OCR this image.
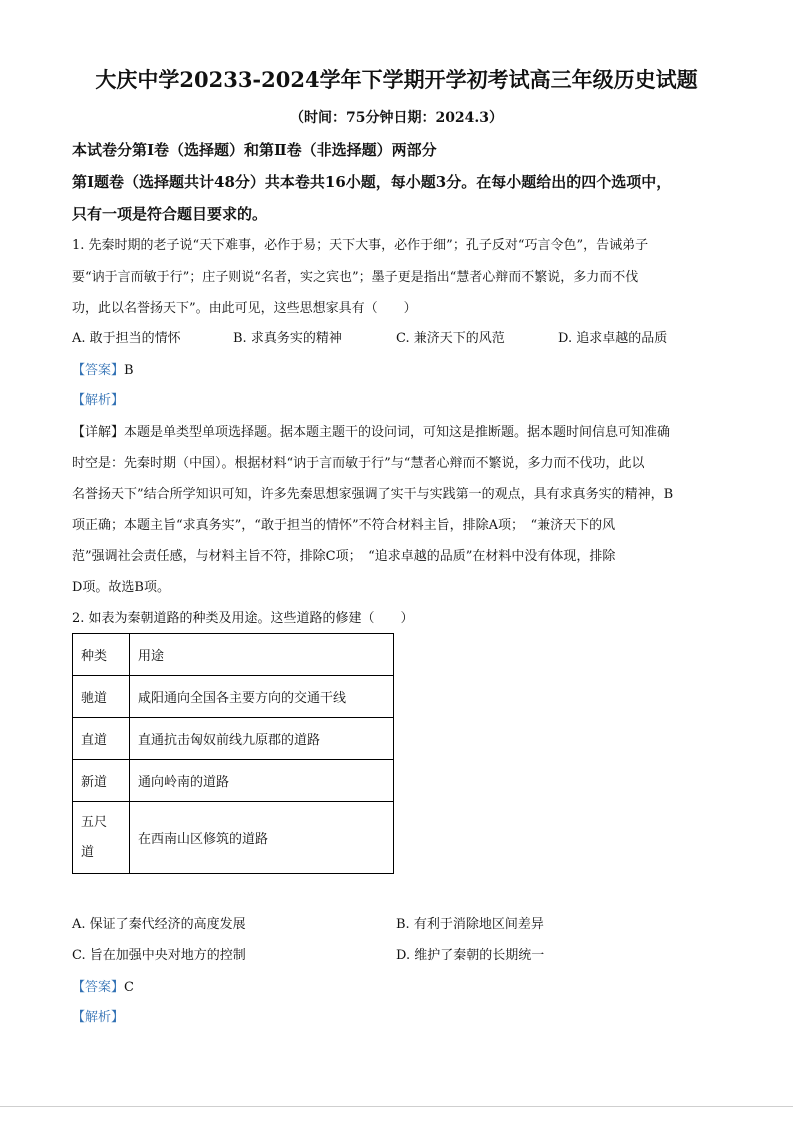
大庆中学20233-2024学年下学期开学初考试高三年级历史试题
（时间：75分钟日期：2024.3）
本试卷分第Ⅰ卷（选择题）和第Ⅱ卷（非选择题）两部分
第Ⅰ题卷（选择题共计48分）共本卷共16小题，每小题3分。在每小题给出的四个选项中，
只有一项是符合题目要求的。
1. 先秦时期的老子说“天下难事，必作于易；天下大事，必作于细”；孔子反对“巧言令色”，告诫弟子
要“讷于言而敏于行”；庄子则说“名者，实之宾也”；墨子更是指出“慧者心辩而不繁说，多力而不伐
功，此以名誉扬天下”。由此可见，这些思想家具有（　　）
A. 敢于担当的情怀	B. 求真务实的精神	C. 兼济天下的风范	D. 追求卓越的品质
【答案】B
【解析】
【详解】本题是单类型单项选择题。据本题主题干的设问词，可知这是推断题。据本题时间信息可知准确
时空是：先秦时期（中国）。根据材料“讷于言而敏于行”与“慧者心辩而不繁说，多力而不伐功，此以
名誉扬天下”结合所学知识可知，许多先秦思想家强调了实干与实践第一的观点，具有求真务实的精神，B
项正确；本题主旨“求真务实”，“敢于担当的情怀”不符合材料主旨，排除A项；　“兼济天下的风
范”强调社会责任感，与材料主旨不符，排除C项；　“追求卓越的品质”在材料中没有体现，排除
D项。故选B项。
2. 如表为秦朝道路的种类及用途。这些道路的修建（　　）
种类	用途
驰道	咸阳通向全国各主要方向的交通干线
直道	直通抗击匈奴前线九原郡的道路
新道	通向岭南的道路

五尺
道	在西南山区修筑的道路
A. 保证了秦代经济的高度发展	B. 有利于消除地区间差异
C. 旨在加强中央对地方的控制	D. 维护了秦朝的长期统一
【答案】C
【解析】
